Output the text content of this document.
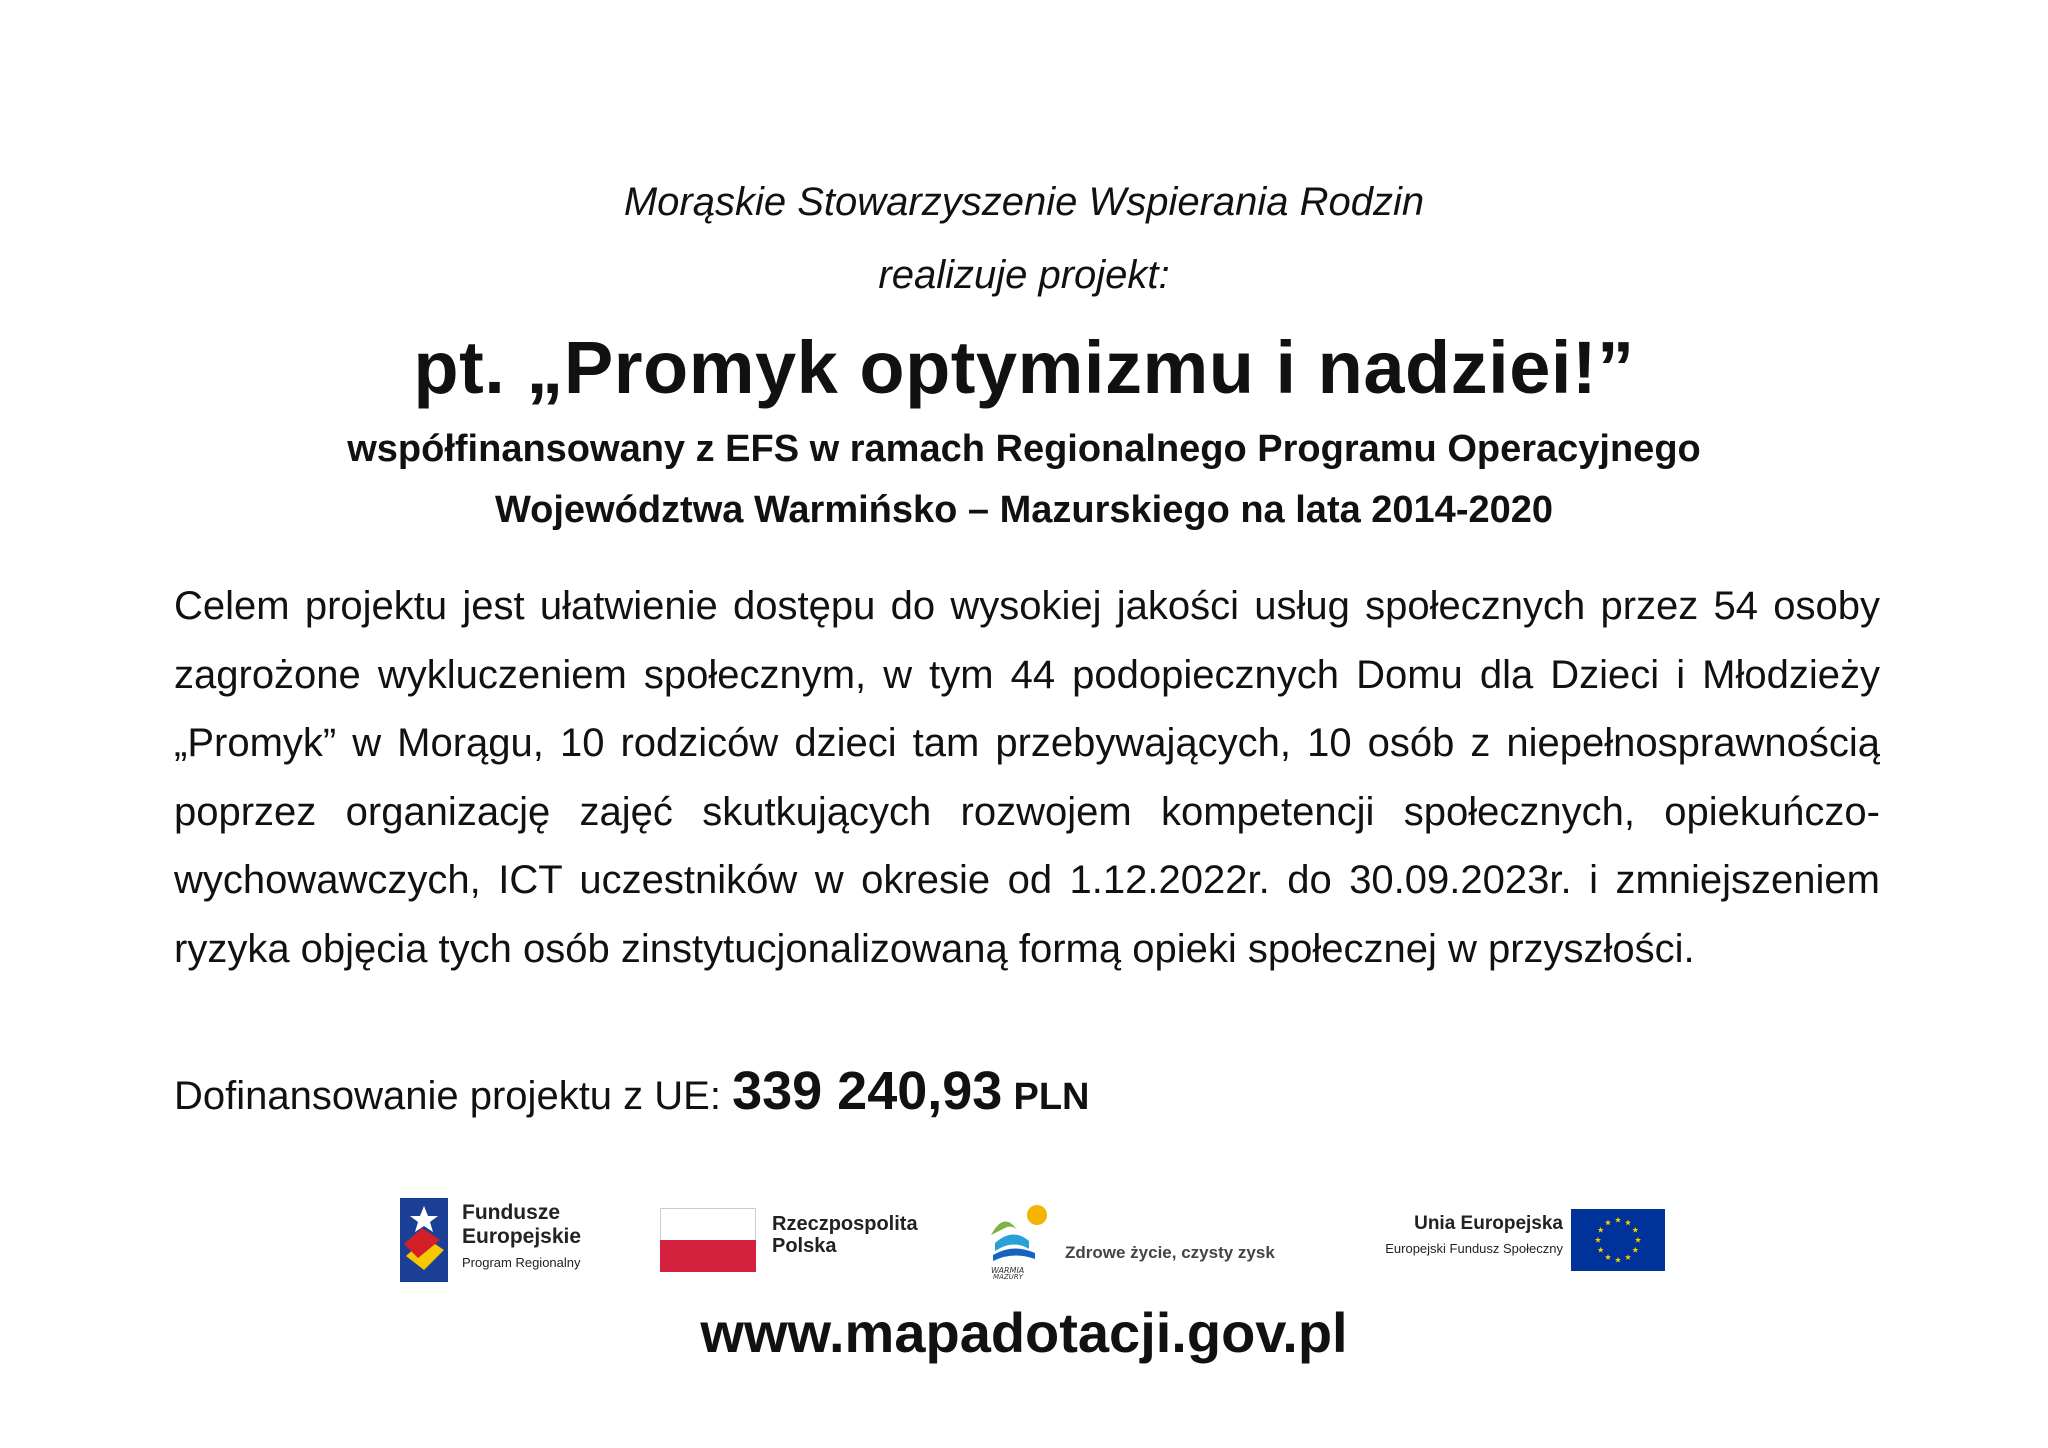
Morąskie Stowarzyszenie Wspierania Rodzin
realizuje projekt:
pt. „Promyk optymizmu i nadziei!”
współfinansowany z EFS w ramach Regionalnego Programu Operacyjnego
Województwa Warmińsko – Mazurskiego na lata 2014-2020

Celem projektu jest ułatwienie dostępu do wysokiej jakości usług społecznych przez 54 osoby zagrożone wykluczeniem społecznym, w tym 44 podopiecznych Domu dla Dzieci i Młodzieży „Promyk” w Morągu, 10 rodziców dzieci tam przebywających, 10 osób z niepełnosprawnością poprzez organizację zajęć skutkujących rozwojem kompetencji społecznych, opiekuńczo-wychowawczych, ICT uczestników w okresie od 1.12.2022r. do 30.09.2023r. i zmniejszeniem ryzyka objęcia tych osób zinstytucjonalizowaną formą opieki społecznej w przyszłości.

Dofinansowanie projektu z UE: 339 240,93 PLN
Fundusze
Europejskie
Program Regionalny
Rzeczpospolita
Polska
WARMIA
MAZURY
Zdrowe życie, czysty zysk
Unia Europejska
Europejski Fundusz Społeczny
www.mapadotacji.gov.pl
